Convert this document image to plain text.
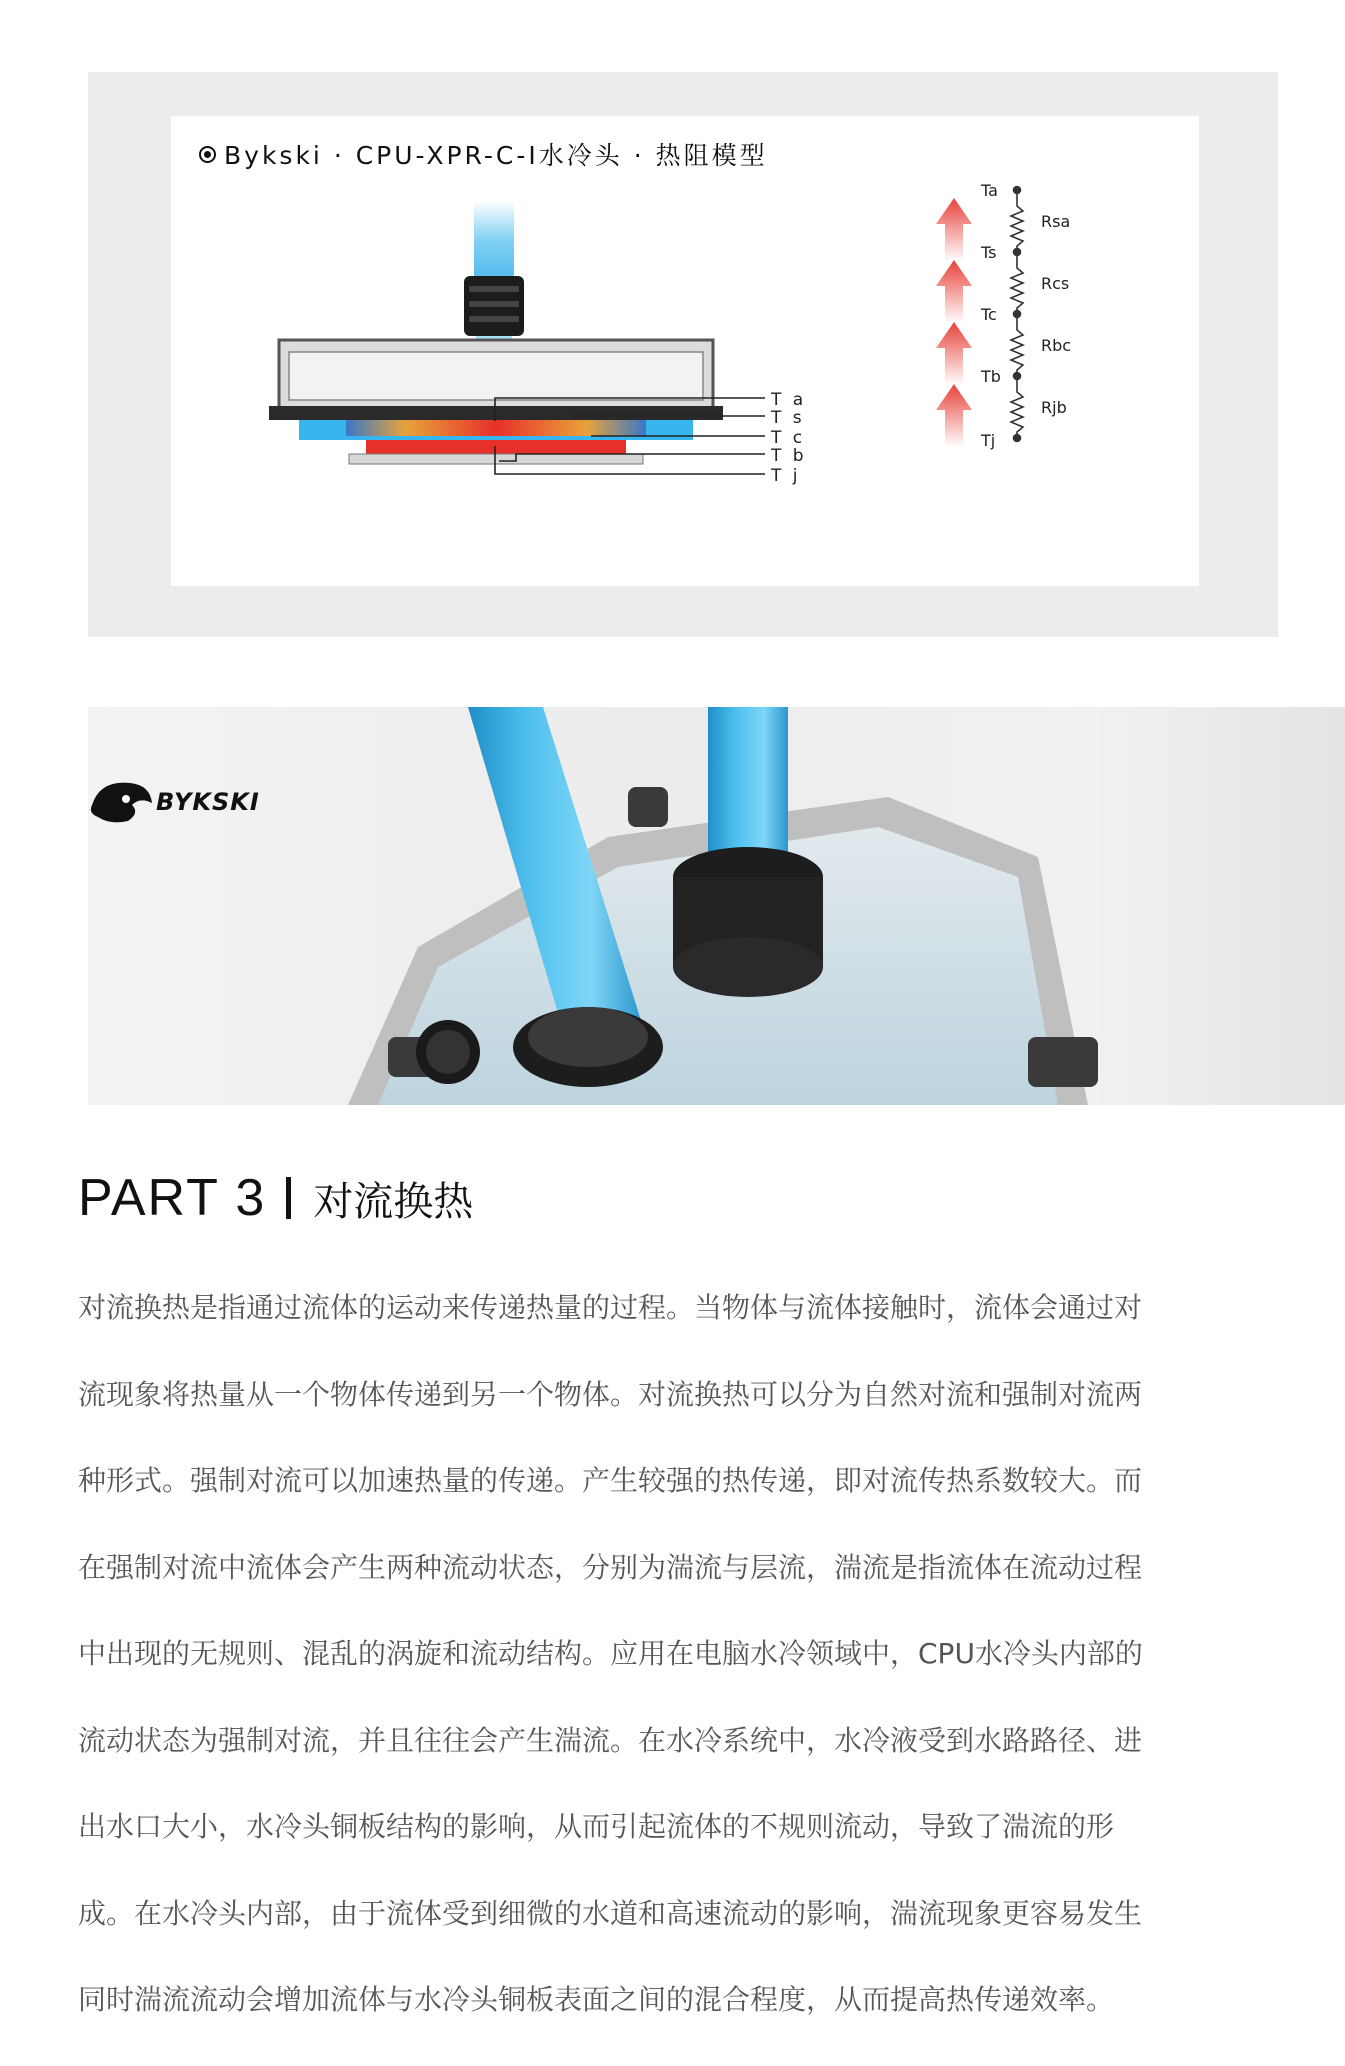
T a
T s
T c
T b
T j
Ta
Ts
Tc
Tb
Tj
Rsa
Rcs
Rbc
Rjb
Bykski · CPU-XPR-C-I水冷头 · 热阻模型
BYKSKI
PART 3 对流换热
对流换热是指通过流体的运动来传递热量的过程。当物体与流体接触时，流体会通过对
流现象将热量从一个物体传递到另一个物体。对流换热可以分为自然对流和强制对流两
种形式。强制对流可以加速热量的传递。产生较强的热传递，即对流传热系数较大。而
在强制对流中流体会产生两种流动状态，分别为湍流与层流，湍流是指流体在流动过程
中出现的无规则、混乱的涡旋和流动结构。应用在电脑水冷领域中，CPU水冷头内部的
流动状态为强制对流，并且往往会产生湍流。在水冷系统中，水冷液受到水路路径、进
出水口大小，水冷头铜板结构的影响，从而引起流体的不规则流动，导致了湍流的形
成。在水冷头内部，由于流体受到细微的水道和高速流动的影响，湍流现象更容易发生
同时湍流流动会增加流体与水冷头铜板表面之间的混合程度，从而提高热传递效率。
